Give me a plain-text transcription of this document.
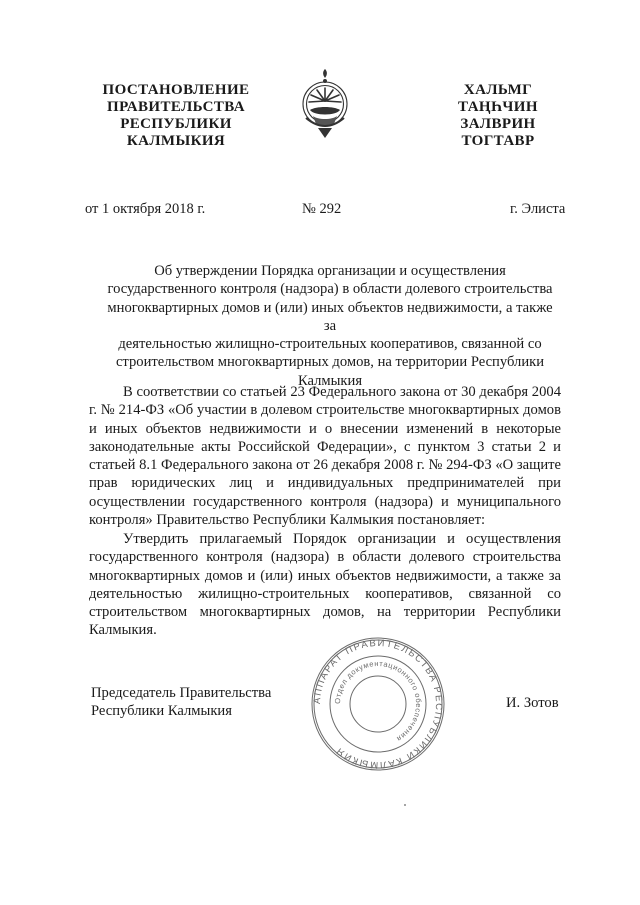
ПОСТАНОВЛЕНИЕ
ПРАВИТЕЛЬСТВА
РЕСПУБЛИКИ
КАЛМЫКИЯ
ХАЛЬМГ
ТАҢҺЧИН
ЗАЛВРИН
ТОГТАВР
от 1 октября 2018 г.	№ 292	г. Элиста
Об утверждении Порядка организации и осуществления
государственного контроля (надзора) в области долевого строительства
многоквартирных домов и (или) иных объектов недвижимости, а также за
деятельностью жилищно-строительных кооперативов, связанной со
строительством многоквартирных домов, на территории Республики
Калмыкия
В соответствии со статьей 23 Федерального закона от 30 декабря 2004 г. № 214-ФЗ «Об участии в долевом строительстве многоквартирных домов и иных объектов недвижимости и о внесении изменений в некоторые законодательные акты Российской Федерации», с пунктом 3 статьи 2 и статьей 8.1 Федерального закона от 26 декабря 2008 г. № 294-ФЗ «О защите прав юридических лиц и индивидуальных предпринимателей при осуществлении государственного контроля (надзора) и муниципального контроля» Правительство Республики Калмыкия постановляет:
Утвердить прилагаемый Порядок организации и осуществления государственного контроля (надзора) в области долевого строительства многоквартирных домов и (или) иных объектов недвижимости, а также за деятельностью жилищно-строительных кооперативов, связанной со строительством многоквартирных домов, на территории Республики Калмыкия.
АППАРАТ ПРАВИТЕЛЬСТВА РЕСПУБЛИКИ КАЛМЫКИЯ
Отдел документационного обеспечения
Председатель Правительства
Республики Калмыкия
И. Зотов
